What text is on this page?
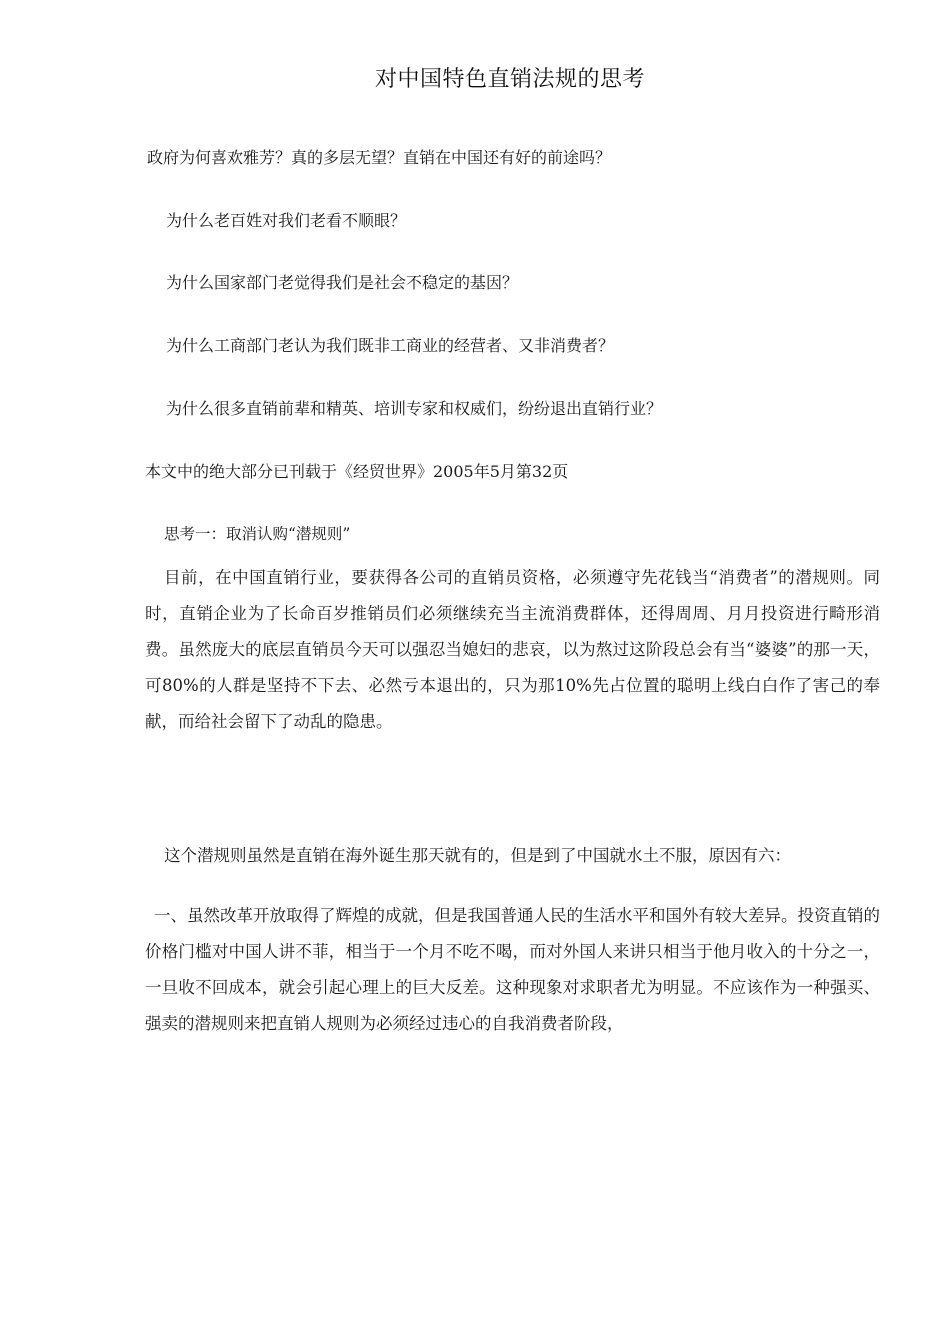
对中国特色直销法规的思考
政府为何喜欢雅芳？真的多层无望？直销在中国还有好的前途吗？
为什么老百姓对我们老看不顺眼？
为什么国家部门老觉得我们是社会不稳定的基因？
为什么工商部门老认为我们既非工商业的经营者、又非消费者？
为什么很多直销前辈和精英、培训专家和权威们，纷纷退出直销行业？
本文中的绝大部分已刊载于《经贸世界》2005年5月第32页
思考一：取消认购“潜规则”

目前，在中国直销行业，要获得各公司的直销员资格，必须遵守先花钱当“消费者”的潜规则。同时，直销企业为了长命百岁推销员们必须继续充当主流消费群体，还得周周、月月投资进行畸形消费。虽然庞大的底层直销员今天可以强忍当媳妇的悲哀，以为熬过这阶段总会有当“婆婆”的那一天，可80%的人群是坚持不下去、必然亏本退出的，只为那10%先占位置的聪明上线白白作了害己的奉献，而给社会留下了动乱的隐患。

这个潜规则虽然是直销在海外诞生那天就有的，但是到了中国就水土不服，原因有六：

一、虽然改革开放取得了辉煌的成就，但是我国普通人民的生活水平和国外有较大差异。投资直销的价格门槛对中国人讲不菲，相当于一个月不吃不喝，而对外国人来讲只相当于他月收入的十分之一，一旦收不回成本，就会引起心理上的巨大反差。这种现象对求职者尤为明显。不应该作为一种强买、强卖的潜规则来把直销人规则为必须经过违心的自我消费者阶段，
